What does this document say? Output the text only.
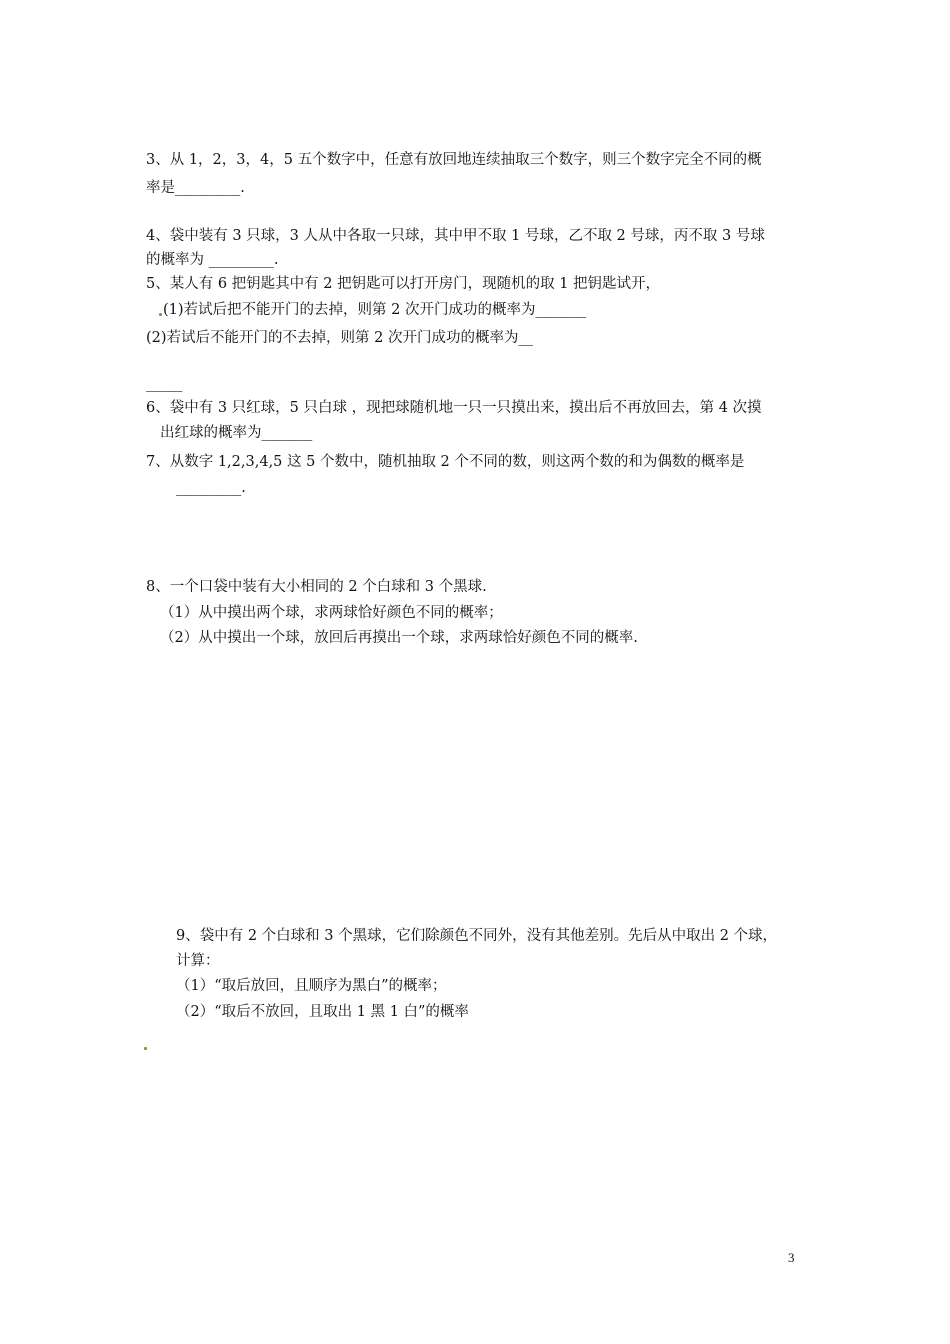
3、从 1，2，3，4，5 五个数字中，任意有放回地连续抽取三个数字，则三个数字完全不同的概
率是_________.
4、袋中装有 3 只球，3 人从中各取一只球，其中甲不取 1 号球，乙不取 2 号球，丙不取 3 号球
的概率为 _________.
5、某人有 6 把钥匙其中有 2 把钥匙可以打开房门，现随机的取 1 把钥匙试开，
(1)若试后把不能开门的去掉，则第 2 次开门成功的概率为_______
(2)若试后不能开门的不去掉，则第 2 次开门成功的概率为__
_____
6、袋中有 3 只红球，5 只白球 ，现把球随机地一只一只摸出来，摸出后不再放回去，第 4 次摸
出红球的概率为_______
7、从数字 1,2,3,4,5 这 5 个数中，随机抽取 2 个不同的数，则这两个数的和为偶数的概率是
_________.
8、一个口袋中装有大小相同的 2 个白球和 3 个黑球.
（1）从中摸出两个球，求两球恰好颜色不同的概率；
（2）从中摸出一个球，放回后再摸出一个球，求两球恰好颜色不同的概率.
9、袋中有 2 个白球和 3 个黑球，它们除颜色不同外，没有其他差别。先后从中取出 2 个球，
计算：
（1）“取后放回，且顺序为黑白”的概率；
（2）“取后不放回，且取出 1 黑 1 白”的概率
3
